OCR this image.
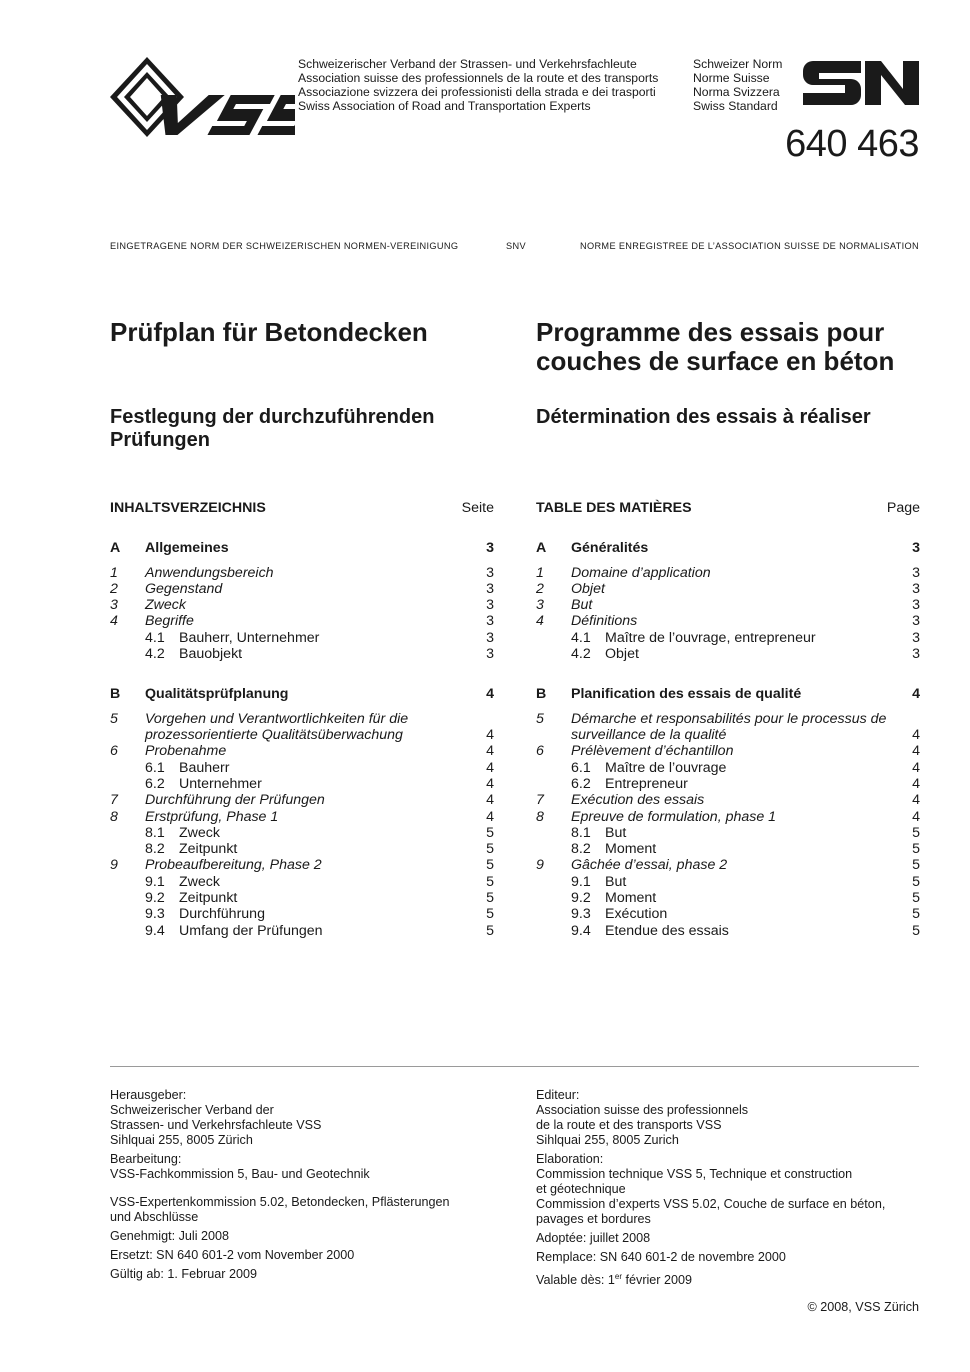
VSS
Schweizerischer Verband der Strassen- und Verkehrsfachleute
Association suisse des professionnels de la route et des transports
Associazione svizzera dei professionisti della strada e dei trasporti
Swiss Association of Road and Transportation Experts
Schweizer Norm
Norme Suisse
Norma Svizzera
Swiss Standard
SN
640 463
EINGETRAGENE NORM DER SCHWEIZERISCHEN NORMEN-VEREINIGUNG	SNV	NORME ENREGISTREE DE L’ASSOCIATION SUISSE DE NORMALISATION
Prüfplan für Betondecken	Programme des essais pour couches de surface en béton
Festlegung der durchzuführenden Prüfungen
Détermination des essais à réaliser
INHALTSVERZEICHNIS	Seite
A	Allgemeines	3
1	Anwendungsbereich	3
2	Gegenstand	3
3	Zweck	3
4	Begriffe	3
4.1	Bauherr, Unternehmer	3
4.2	Bauobjekt	3
B	Qualitätsprüfplanung	4
5	Vorgehen und Verantwortlichkeiten für die prozessorientierte Qualitätsüberwachung	4
6	Probenahme	4
6.1	Bauherr	4
6.2	Unternehmer	4
7	Durchführung der Prüfungen	4
8	Erstprüfung, Phase 1	4
8.1	Zweck	5
8.2	Zeitpunkt	5
9	Probeaufbereitung, Phase 2	5
9.1	Zweck	5
9.2	Zeitpunkt	5
9.3	Durchführung	5
9.4	Umfang der Prüfungen	5
TABLE DES MATIÈRES	Page
A	Généralités	3
1	Domaine d’application	3
2	Objet	3
3	But	3
4	Définitions	3
4.1	Maître de l’ouvrage, entrepreneur	3
4.2	Objet	3
B	Planification des essais de qualité	4
5	Démarche et responsabilités pour le processus de surveillance de la qualité	4
6	Prélèvement d’échantillon	4
6.1	Maître de l’ouvrage	4
6.2	Entrepreneur	4
7	Exécution des essais	4
8	Epreuve de formulation, phase 1	4
8.1	But	5
8.2	Moment	5
9	Gâchée d’essai, phase 2	5
9.1	But	5
9.2	Moment	5
9.3	Exécution	5
9.4	Etendue des essais	5
Herausgeber:
Schweizerischer Verband der
Strassen- und Verkehrsfachleute VSS
Sihlquai 255, 8005 Zürich
Bearbeitung:
VSS-Fachkommission 5, Bau- und Geotechnik
VSS-Expertenkommission 5.02, Betondecken, Pflästerungen
und Abschlüsse
Genehmigt: Juli 2008
Ersetzt: SN 640 601-2 vom November 2000
Gültig ab: 1. Februar 2009
Editeur:
Association suisse des professionnels
de la route et des transports VSS
Sihlquai 255, 8005 Zurich
Elaboration:
Commission technique VSS 5, Technique et construction
et géotechnique
Commission d’experts VSS 5.02, Couche de surface en béton,
pavages et bordures
Adoptée: juillet 2008
Remplace: SN 640 601-2 de novembre 2000
Valable dès: 1er février 2009
© 2008, VSS Zürich
